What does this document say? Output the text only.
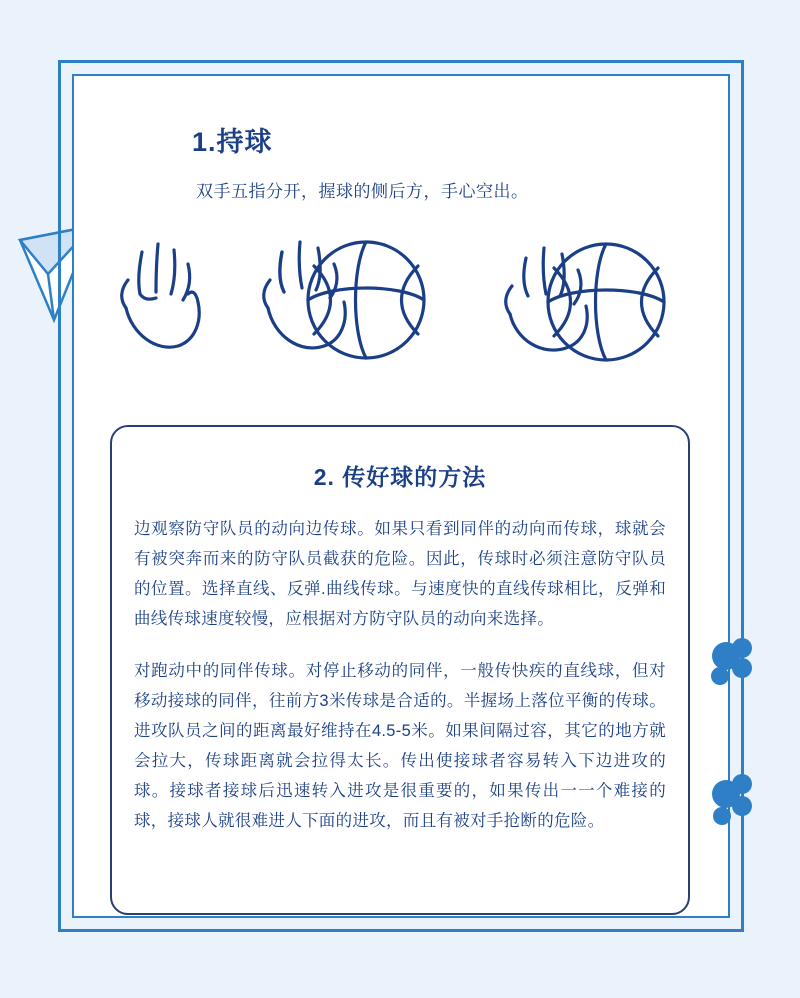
1.持球

双手五指分开，握球的侧后方，手心空出。

2. 传好球的方法

边观察防守队员的动向边传球。如果只看到同伴的动向而传球，球就会有被突奔而来的防守队员截获的危险。因此，传球时必须注意防守队员的位置。选择直线、反弹.曲线传球。与速度快的直线传球相比，反弹和曲线传球速度较慢，应根据对方防守队员的动向来选择。

对跑动中的同伴传球。对停止移动的同伴，一般传快疾的直线球，但对移动接球的同伴，往前方3米传球是合适的。半握场上落位平衡的传球。进攻队员之间的距离最好维持在4.5-5米。如果间隔过容，其它的地方就会拉大，传球距离就会拉得太长。传出使接球者容易转入下边进攻的球。接球者接球后迅速转入进攻是很重要的，如果传出一一个难接的球，接球人就很难进人下面的进攻，而且有被对手抢断的危险。
